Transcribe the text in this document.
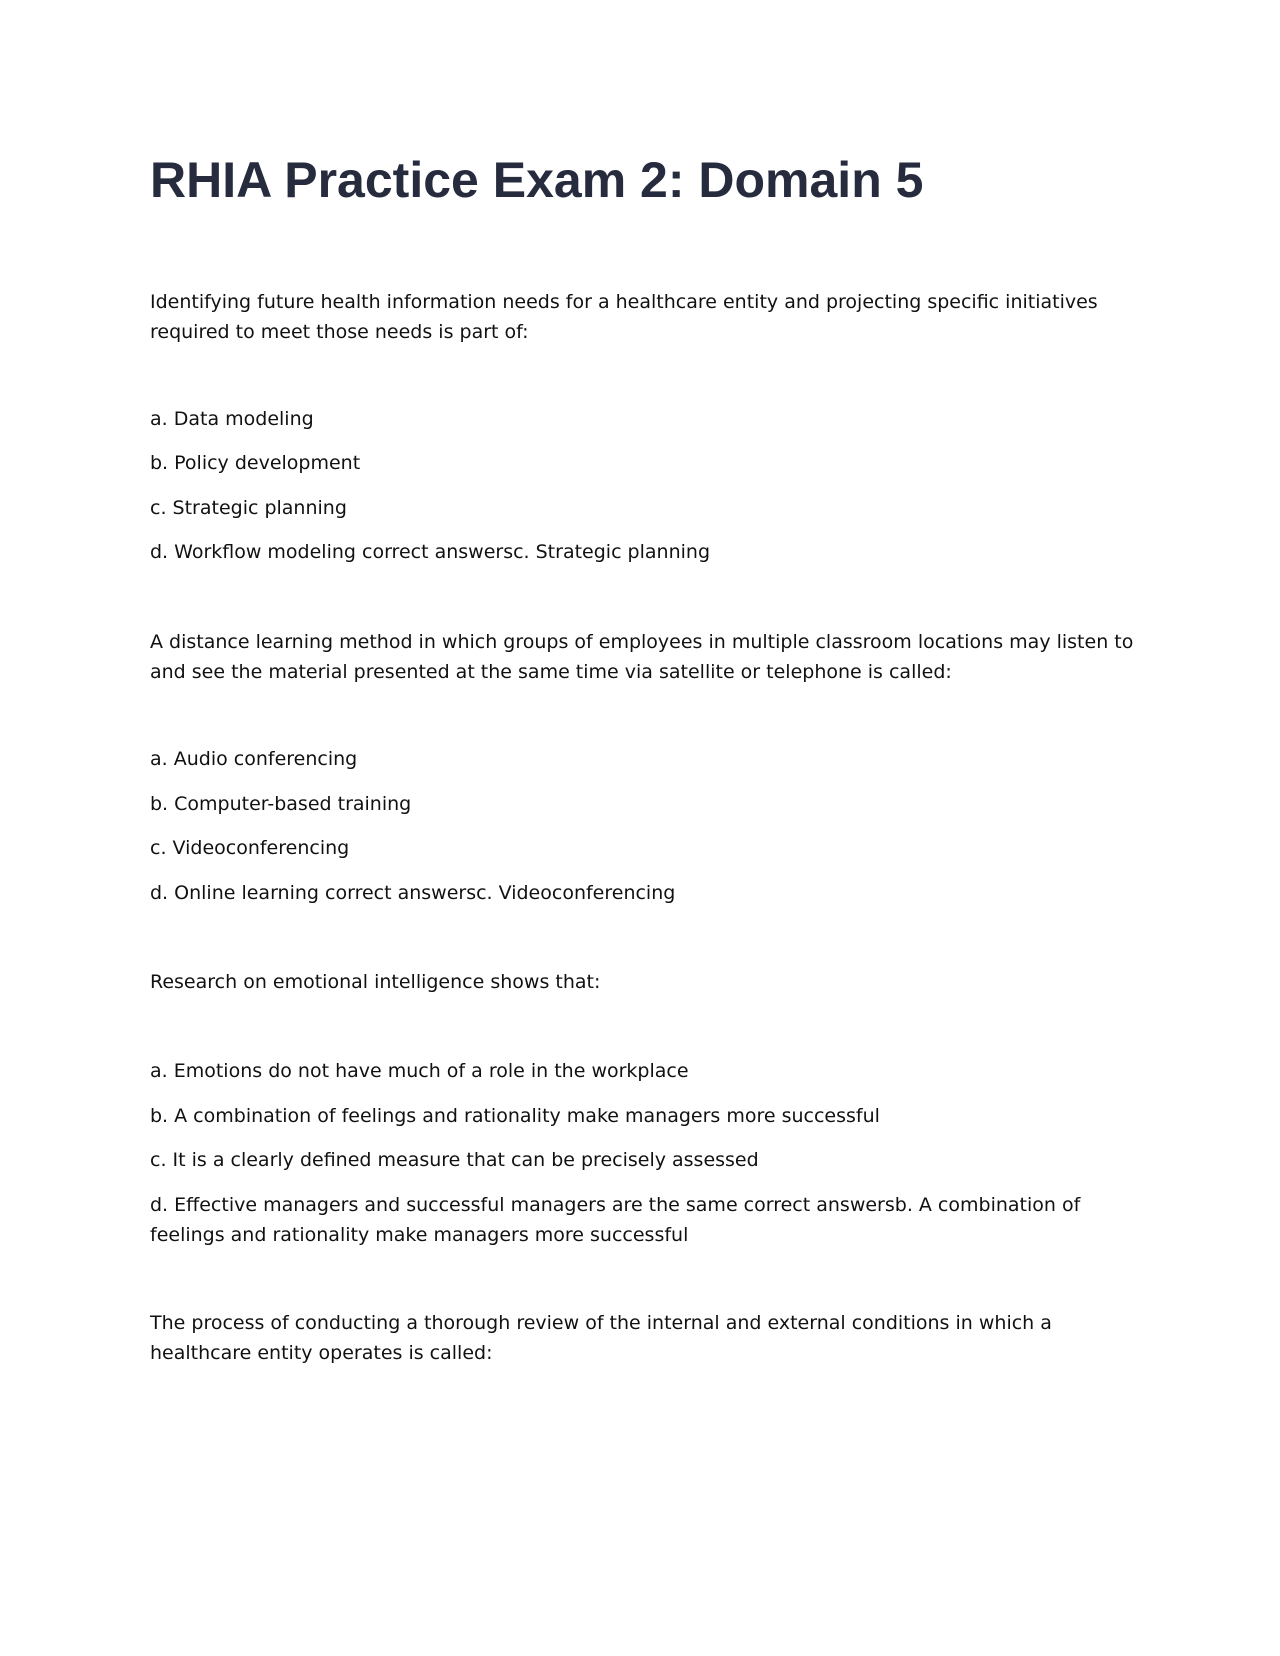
RHIA Practice Exam 2: Domain 5

Identifying future health information needs for a healthcare entity and projecting specific initiatives required to meet those needs is part of:

a. Data modeling

b. Policy development

c. Strategic planning

d. Workflow modeling correct answersc. Strategic planning

A distance learning method in which groups of employees in multiple classroom locations may listen to and see the material presented at the same time via satellite or telephone is called:

a. Audio conferencing

b. Computer-based training

c. Videoconferencing

d. Online learning correct answersc. Videoconferencing

Research on emotional intelligence shows that:

a. Emotions do not have much of a role in the workplace

b. A combination of feelings and rationality make managers more successful

c. It is a clearly defined measure that can be precisely assessed

d. Effective managers and successful managers are the same correct answersb. A combination of feelings and rationality make managers more successful

The process of conducting a thorough review of the internal and external conditions in which a healthcare entity operates is called:
